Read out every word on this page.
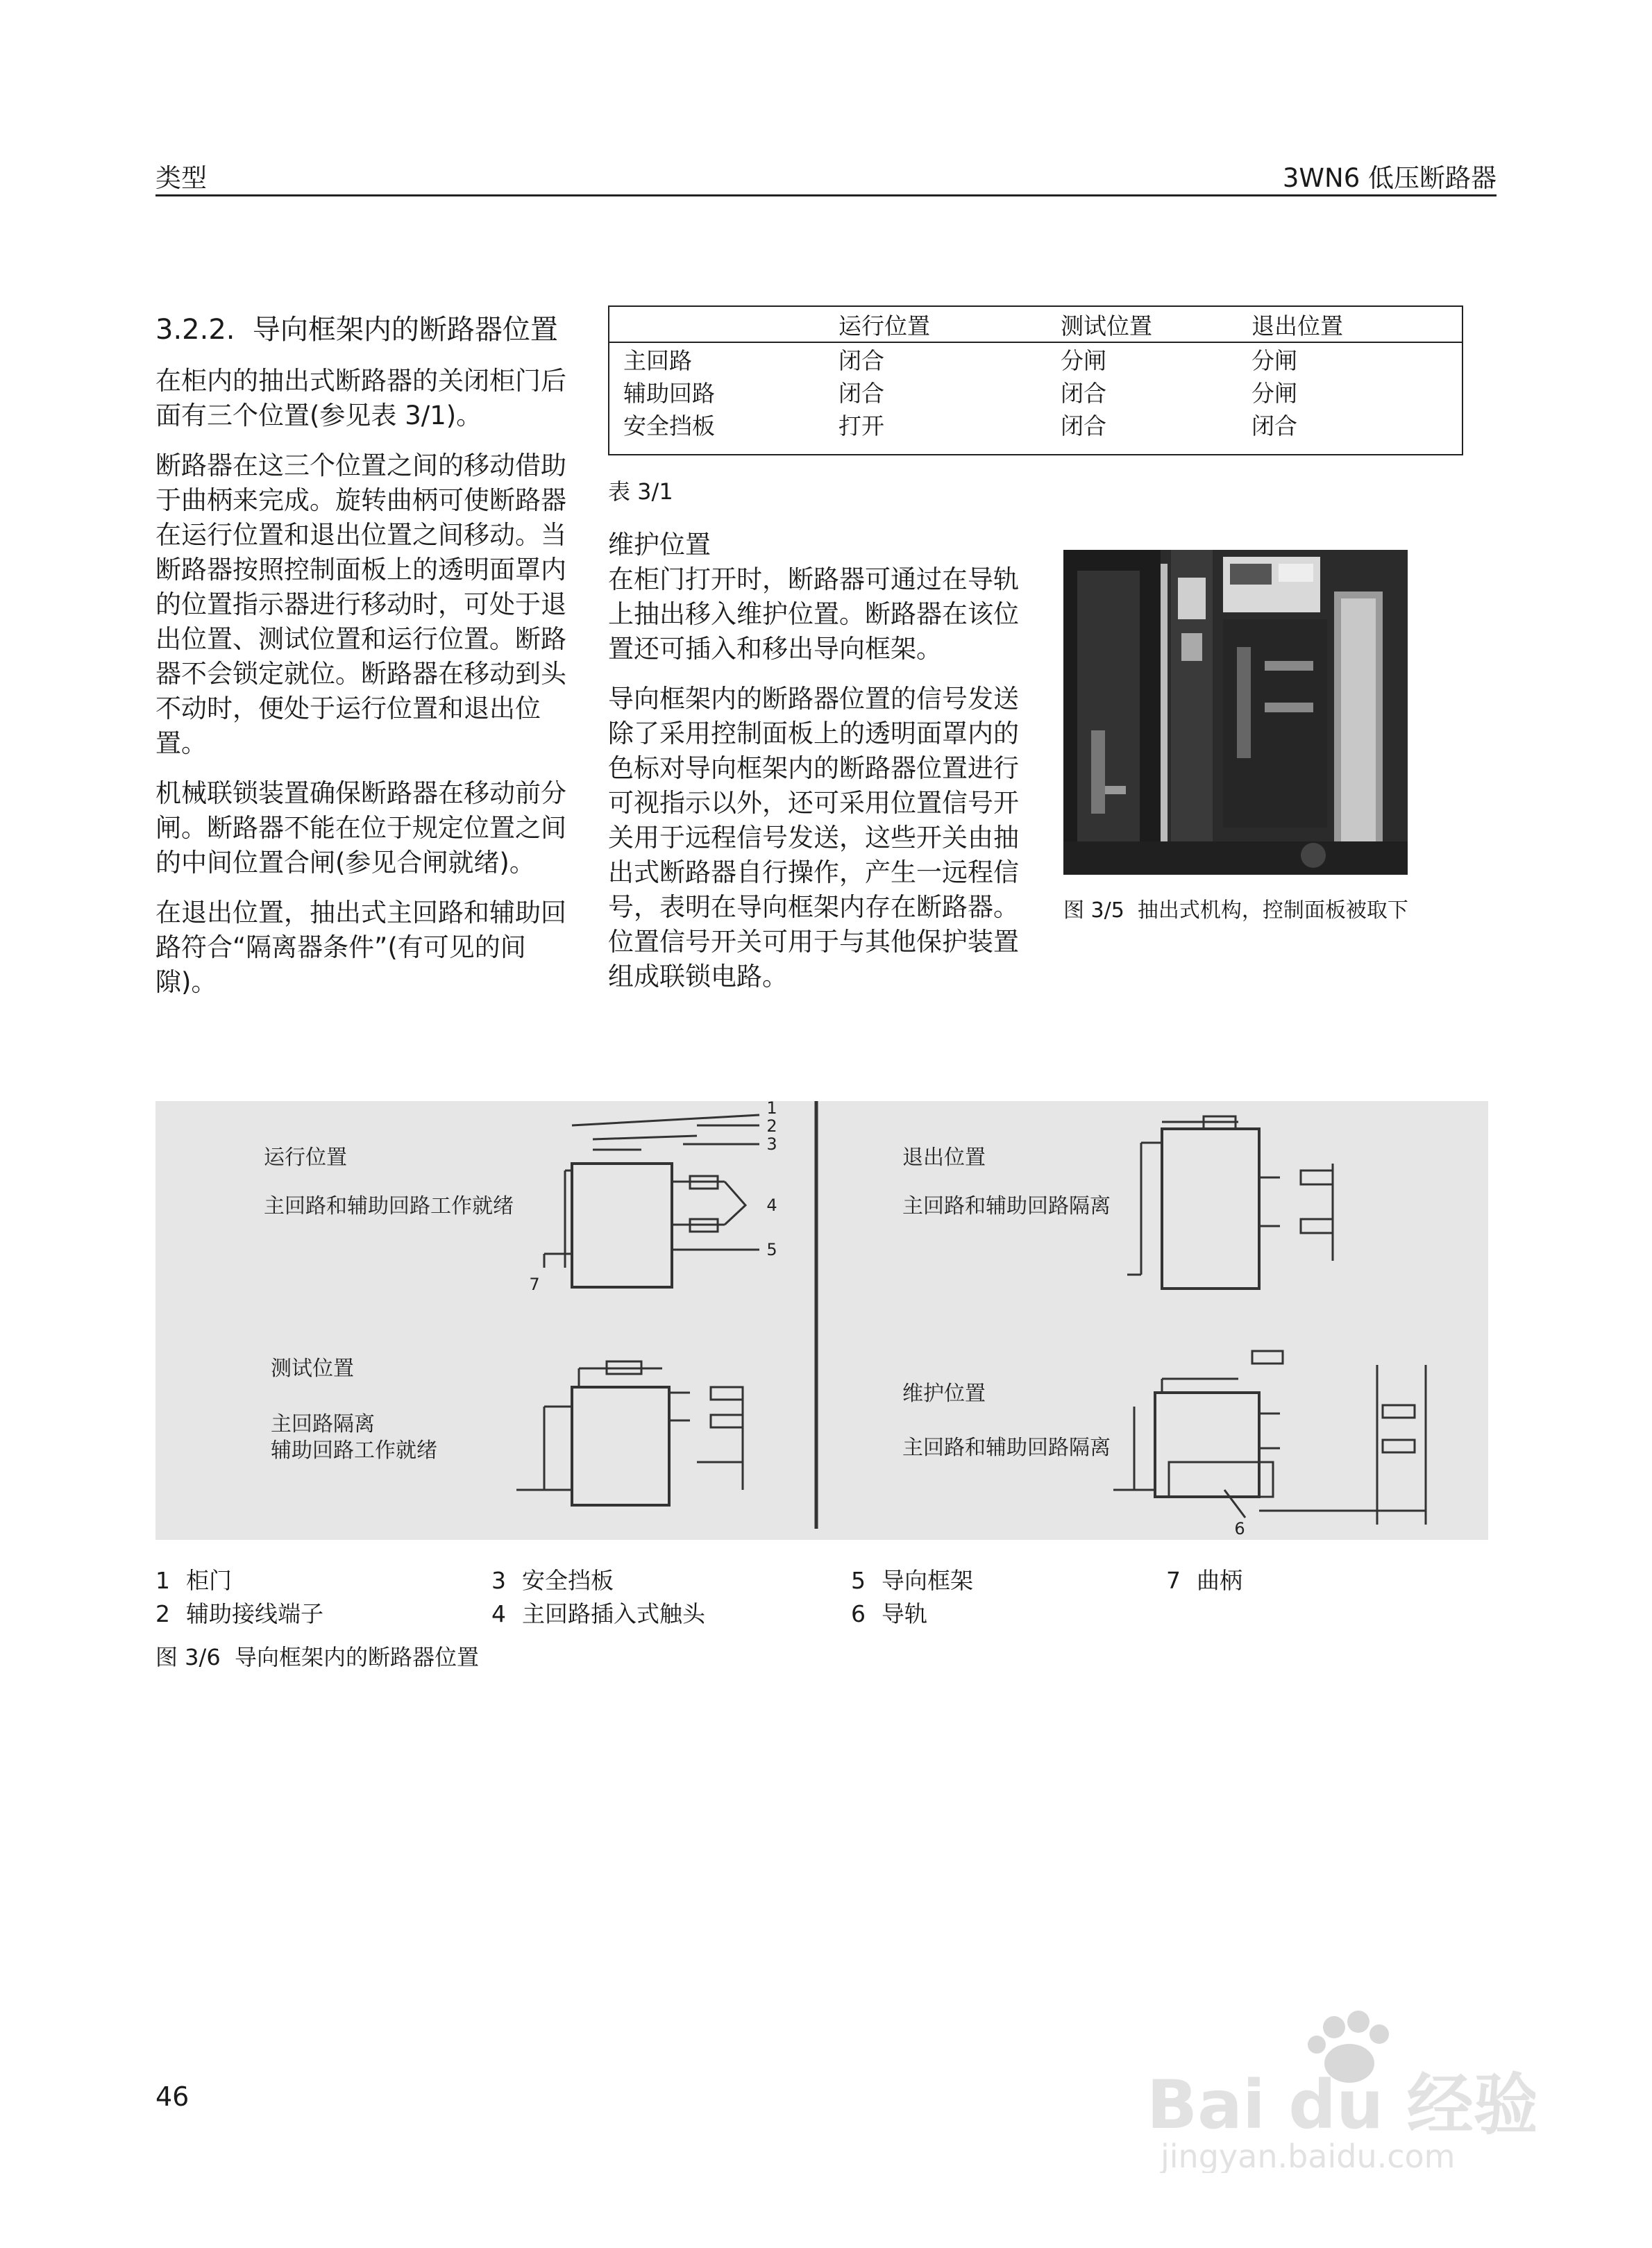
类型	3WN6 低压断路器

3.2.2.  导向框架内的断路器位置

在柜内的抽出式断路器的关闭柜门后面有三个位置(参见表 3/1)。

断路器在这三个位置之间的移动借助于曲柄来完成。旋转曲柄可使断路器在运行位置和退出位置之间移动。当断路器按照控制面板上的透明面罩内的位置指示器进行移动时，可处于退出位置、测试位置和运行位置。断路器不会锁定就位。断路器在移动到头不动时，便处于运行位置和退出位置。

机械联锁装置确保断路器在移动前分闸。断路器不能在位于规定位置之间的中间位置合闸(参见合闸就绪)。

在退出位置，抽出式主回路和辅助回路符合“隔离器条件”(有可见的间隙)。

	运行位置	测试位置	退出位置
主回路	闭合	分闸	分闸
辅助回路	闭合	闭合	分闸
安全挡板	打开	闭合	闭合
表 3/1

维护位置

在柜门打开时，断路器可通过在导轨上抽出移入维护位置。断路器在该位置还可插入和移出导向框架。

导向框架内的断路器位置的信号发送

除了采用控制面板上的透明面罩内的色标对导向框架内的断路器位置进行可视指示以外，还可采用位置信号开关用于远程信号发送，这些开关由抽出式断路器自行操作，产生一远程信号，表明在导向框架内存在断路器。位置信号开关可用于与其他保护装置组成联锁电路。

图 3/5  抽出式机构，控制面板被取下
1
2
3
4
5
6
7
运行位置
主回路和辅助回路工作就绪
测试位置
主回路隔离
辅助回路工作就绪
退出位置
主回路和辅助回路隔离
维护位置
主回路和辅助回路隔离
1 柜门
2 辅助接线端子
3 安全挡板
4 主回路插入式触头
5 导向框架
6 导轨
7 曲柄
图 3/6  导向框架内的断路器位置
46	Bai du 经验
jingyan.baidu.com
